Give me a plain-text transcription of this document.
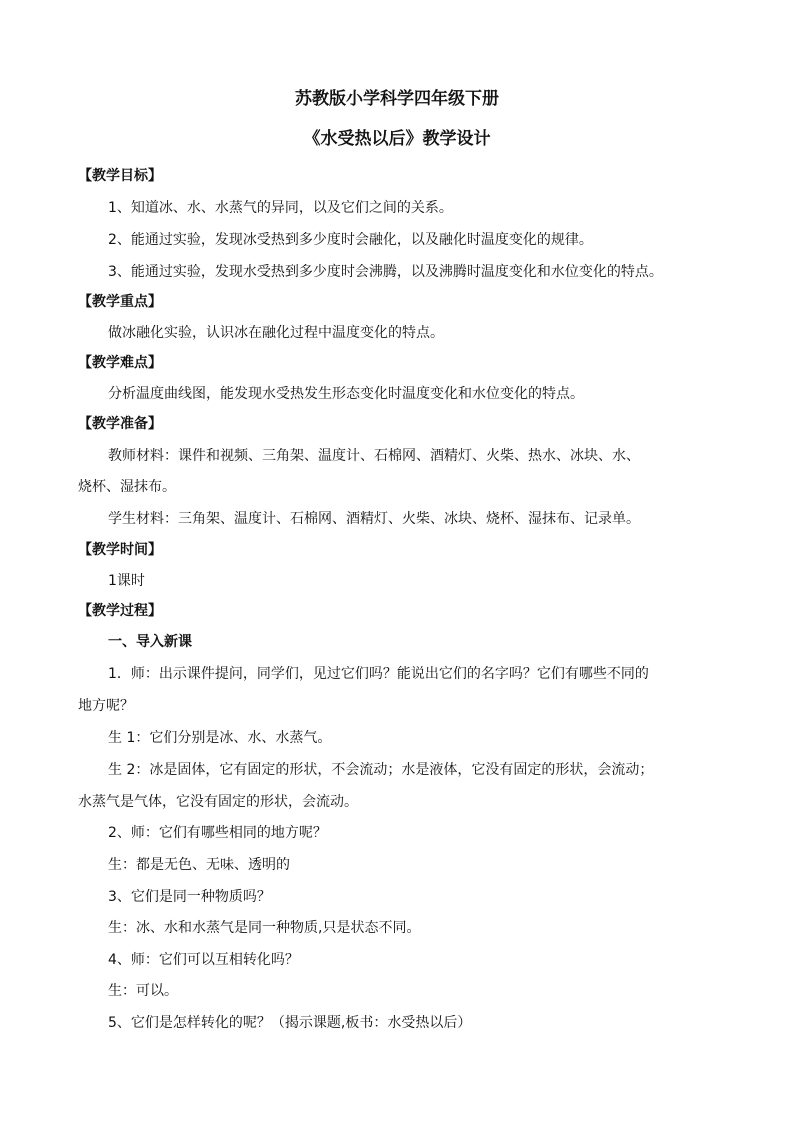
苏教版小学科学四年级下册
《水受热以后》教学设计
【教学目标】
1、知道冰、水、水蒸气的异同，以及它们之间的关系。
2、能通过实验，发现冰受热到多少度时会融化，以及融化时温度变化的规律。
3、能通过实验，发现水受热到多少度时会沸腾，以及沸腾时温度变化和水位变化的特点。
【教学重点】
做冰融化实验，认识冰在融化过程中温度变化的特点。
【教学难点】
分析温度曲线图，能发现水受热发生形态变化时温度变化和水位变化的特点。
【教学准备】
教师材料：课件和视频、三角架、温度计、石棉网、酒精灯、火柴、热水、冰块、水、
烧杯、湿抹布。
学生材料：三角架、温度计、石棉网、酒精灯、火柴、冰块、烧杯、湿抹布、记录单。
【教学时间】
1课时
【教学过程】
一、导入新课
1．师：出示课件提问，同学们，见过它们吗？能说出它们的名字吗？它们有哪些不同的
地方呢？
生 1：它们分别是冰、水、水蒸气。
生 2：冰是固体，它有固定的形状，不会流动；水是液体，它没有固定的形状，会流动；
水蒸气是气体，它没有固定的形状，会流动。
2、师：它们有哪些相同的地方呢？
生：都是无色、无味、透明的
3、它们是同一种物质吗？
生：冰、水和水蒸气是同一种物质,只是状态不同。
4、师：它们可以互相转化吗？
生：可以。
5、它们是怎样转化的呢？（揭示课题,板书：水受热以后）
